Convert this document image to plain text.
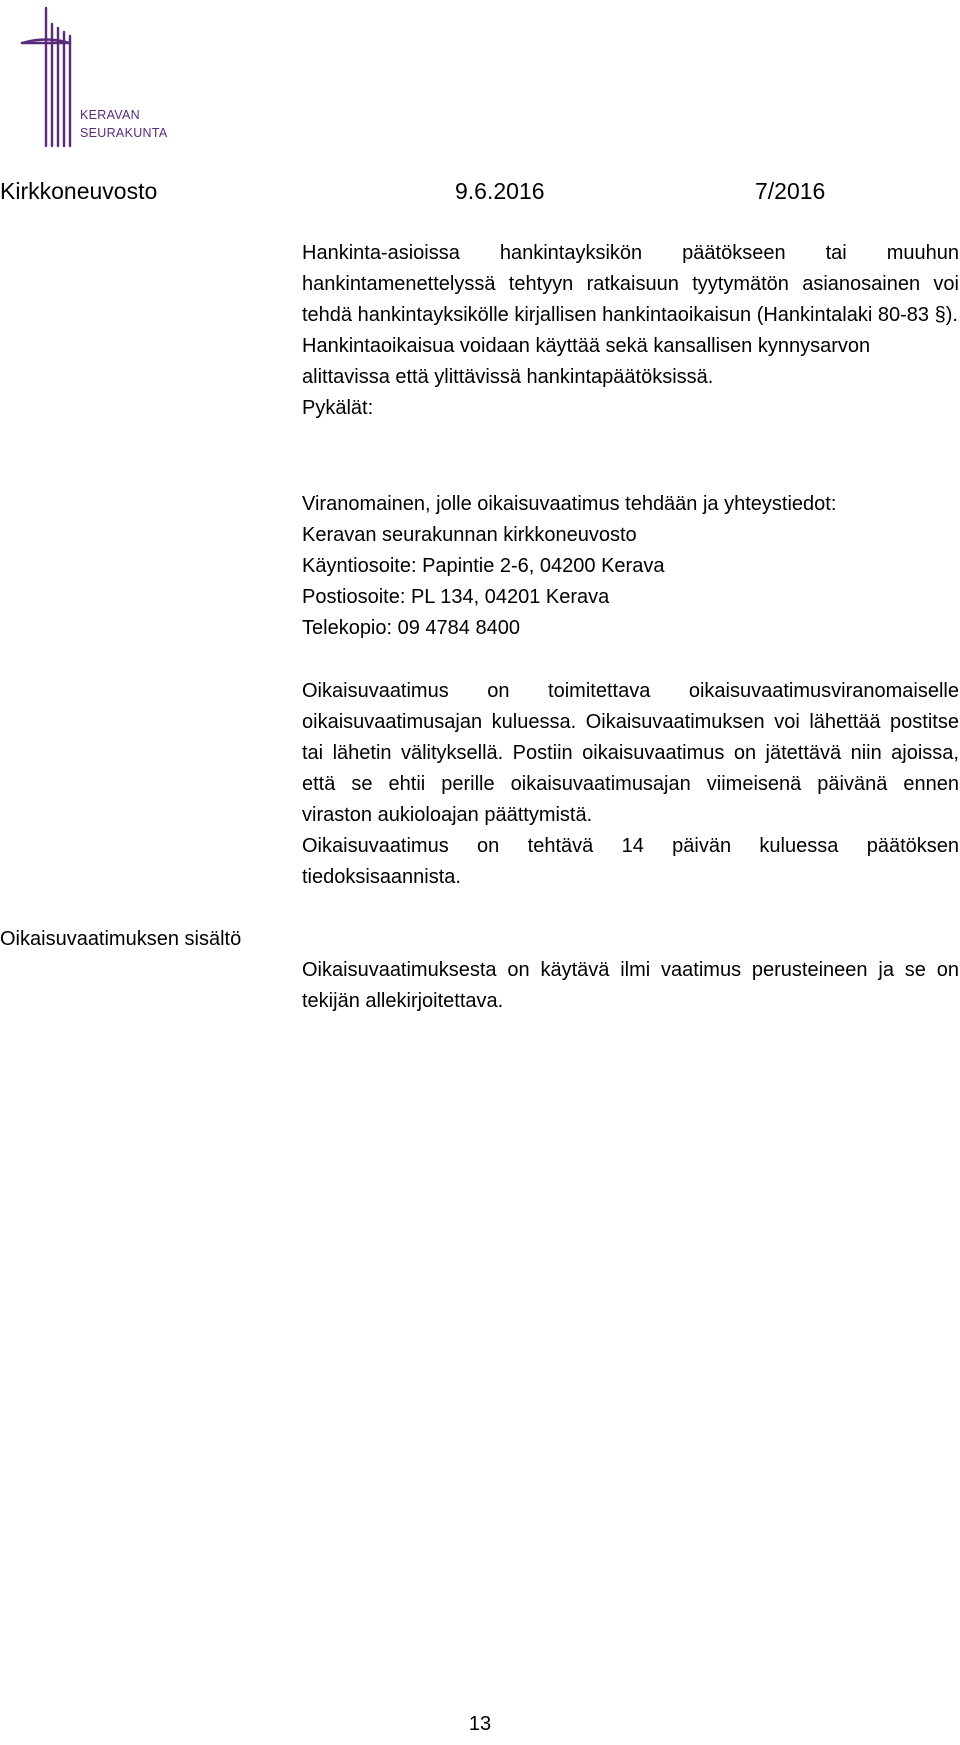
KERAVAN
SEURAKUNTA
Kirkkoneuvosto	9.6.2016	7/2016

Hankinta-asioissa hankintayksikön päätökseen tai muuhun hankintamenettelyssä tehtyyn ratkaisuun tyytymätön asianosainen voi tehdä hankintayksikölle kirjallisen hankintaoikaisun (Hankintalaki 80-83 §).

Hankintaoikaisua voidaan käyttää sekä kansallisen kynnysarvon alittavissa että ylittävissä hankintapäätöksissä.

Pykälät:

Viranomainen, jolle oikaisuvaatimus tehdään ja yhteystiedot:

Keravan seurakunnan kirkkoneuvosto

Käyntiosoite: Papintie 2-6, 04200 Kerava

Postiosoite: PL 134, 04201 Kerava

Telekopio: 09 4784 8400

Oikaisuvaatimus on toimitettava oikaisuvaatimusviranomaiselle oikaisuvaatimusajan kuluessa. Oikaisuvaatimuksen voi lähettää postitse tai lähetin välityksellä. Postiin oikaisuvaatimus on jätettävä niin ajoissa, että se ehtii perille oikaisuvaatimusajan viimeisenä päivänä ennen viraston aukioloajan päättymistä.

Oikaisuvaatimus on tehtävä 14 päivän kuluessa päätöksen tiedoksisaannista.

Oikaisuvaatimuksen sisältö

Oikaisuvaatimuksesta on käytävä ilmi vaatimus perusteineen ja se on tekijän allekirjoitettava.

13
